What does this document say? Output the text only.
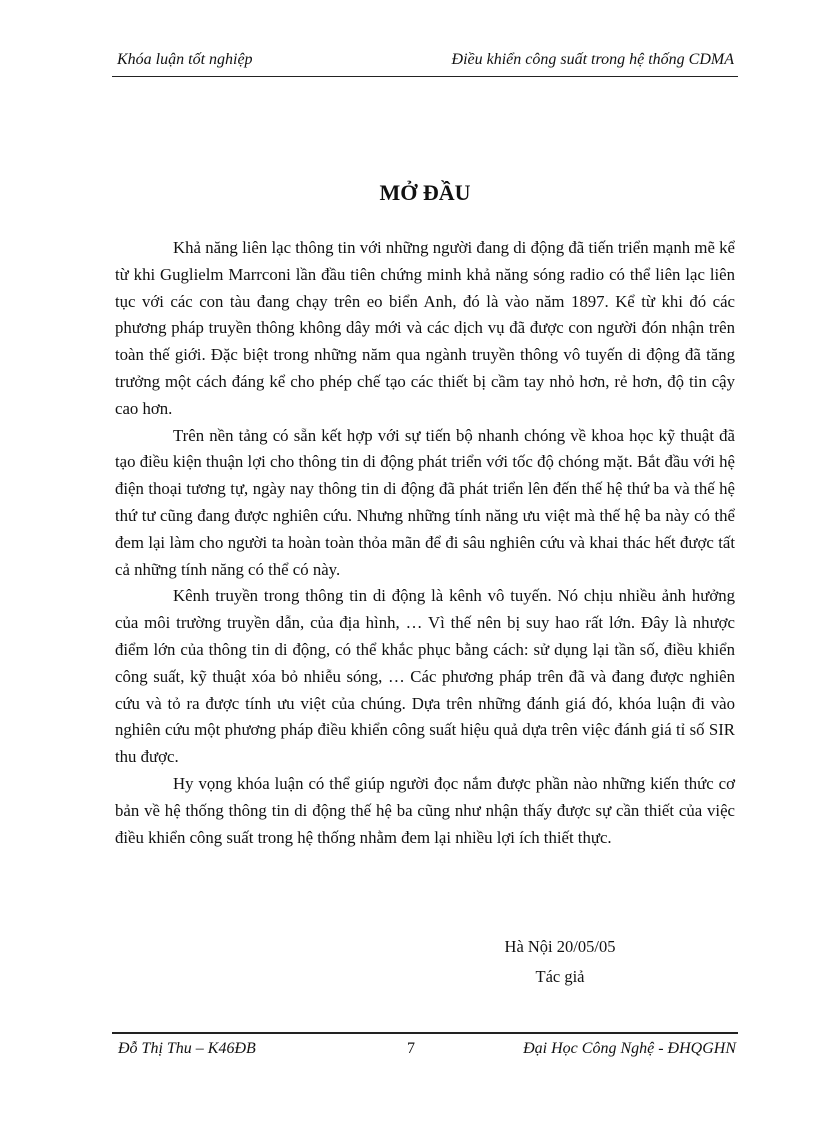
Khóa luận tốt nghiệp	Điều khiển công suất trong hệ thống CDMA
MỞ ĐẦU

Khả năng liên lạc thông tin với những người đang di động đã tiến triển mạnh mẽ kể từ khi Guglielm Marrconi lần đầu tiên chứng minh khả năng sóng radio có thể liên lạc liên tục với các con tàu đang chạy trên eo biển Anh, đó là vào năm 1897. Kể từ khi đó các phương pháp truyền thông không dây mới và các dịch vụ đã được con người đón nhận trên toàn thế giới. Đặc biệt trong những năm qua ngành truyền thông vô tuyến di động đã tăng trưởng một cách đáng kể cho phép chế tạo các thiết bị cầm tay nhỏ hơn, rẻ hơn, độ tin cậy cao hơn.

Trên nền tảng có sẵn kết hợp với sự tiến bộ nhanh chóng về khoa học kỹ thuật đã tạo điều kiện thuận lợi cho thông tin di động phát triển với tốc độ chóng mặt. Bắt đầu với hệ điện thoại tương tự, ngày nay thông tin di động đã phát triển lên đến thế hệ thứ ba và thế hệ thứ tư cũng đang được nghiên cứu. Nhưng những tính năng ưu việt mà thế hệ ba này có thể đem lại làm cho người ta hoàn toàn thỏa mãn để đi sâu nghiên cứu và khai thác hết được tất cả những tính năng có thể có này.

Kênh truyền trong thông tin di động là kênh vô tuyến. Nó chịu nhiều ảnh hưởng của môi trường truyền dẫn, của địa hình, … Vì thế nên bị suy hao rất lớn. Đây là nhược điểm lớn của thông tin di động, có thể khắc phục bằng cách: sử dụng lại tần số, điều khiển công suất, kỹ thuật xóa bỏ nhiễu sóng, … Các phương pháp trên đã và đang được nghiên cứu và tỏ ra được tính ưu việt của chúng. Dựa trên những đánh giá đó, khóa luận đi vào nghiên cứu một phương pháp điều khiển công suất hiệu quả dựa trên việc đánh giá tỉ số SIR thu được.

Hy vọng khóa luận có thể giúp người đọc nắm được phần nào những kiến thức cơ bản về hệ thống thông tin di động thế hệ ba cũng như nhận thấy được sự cần thiết của việc điều khiển công suất trong hệ thống nhằm đem lại nhiều lợi ích thiết thực.

Hà Nội 20/05/05
Tác giả
Đỗ Thị Thu – K46ĐB	7	Đại Học Công Nghệ - ĐHQGHN
